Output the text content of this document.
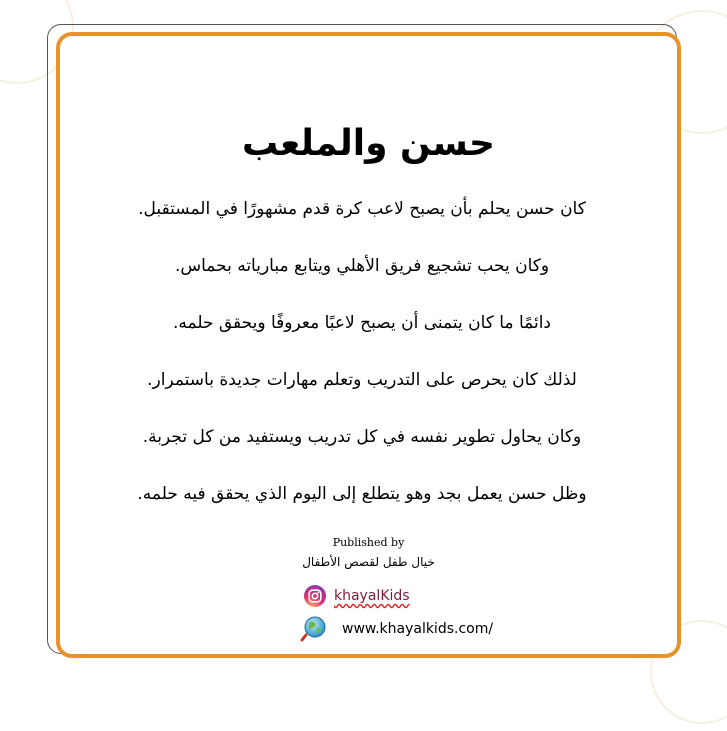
حسن والملعب
كان حسن يحلم بأن يصبح لاعب كرة قدم مشهورًا في المستقبل.
وكان يحب تشجيع فريق الأهلي ويتابع مبارياته بحماس.
دائمًا ما كان يتمنى أن يصبح لاعبًا معروفًا ويحقق حلمه.
لذلك كان يحرص على التدريب وتعلم مهارات جديدة باستمرار.
وكان يحاول تطوير نفسه في كل تدريب ويستفيد من كل تجربة.
وظل حسن يعمل بجد وهو يتطلع إلى اليوم الذي يحقق فيه حلمه.
Published by
خيال طفل لقصص الأطفال
khayalKids
www.khayalkids.com/
